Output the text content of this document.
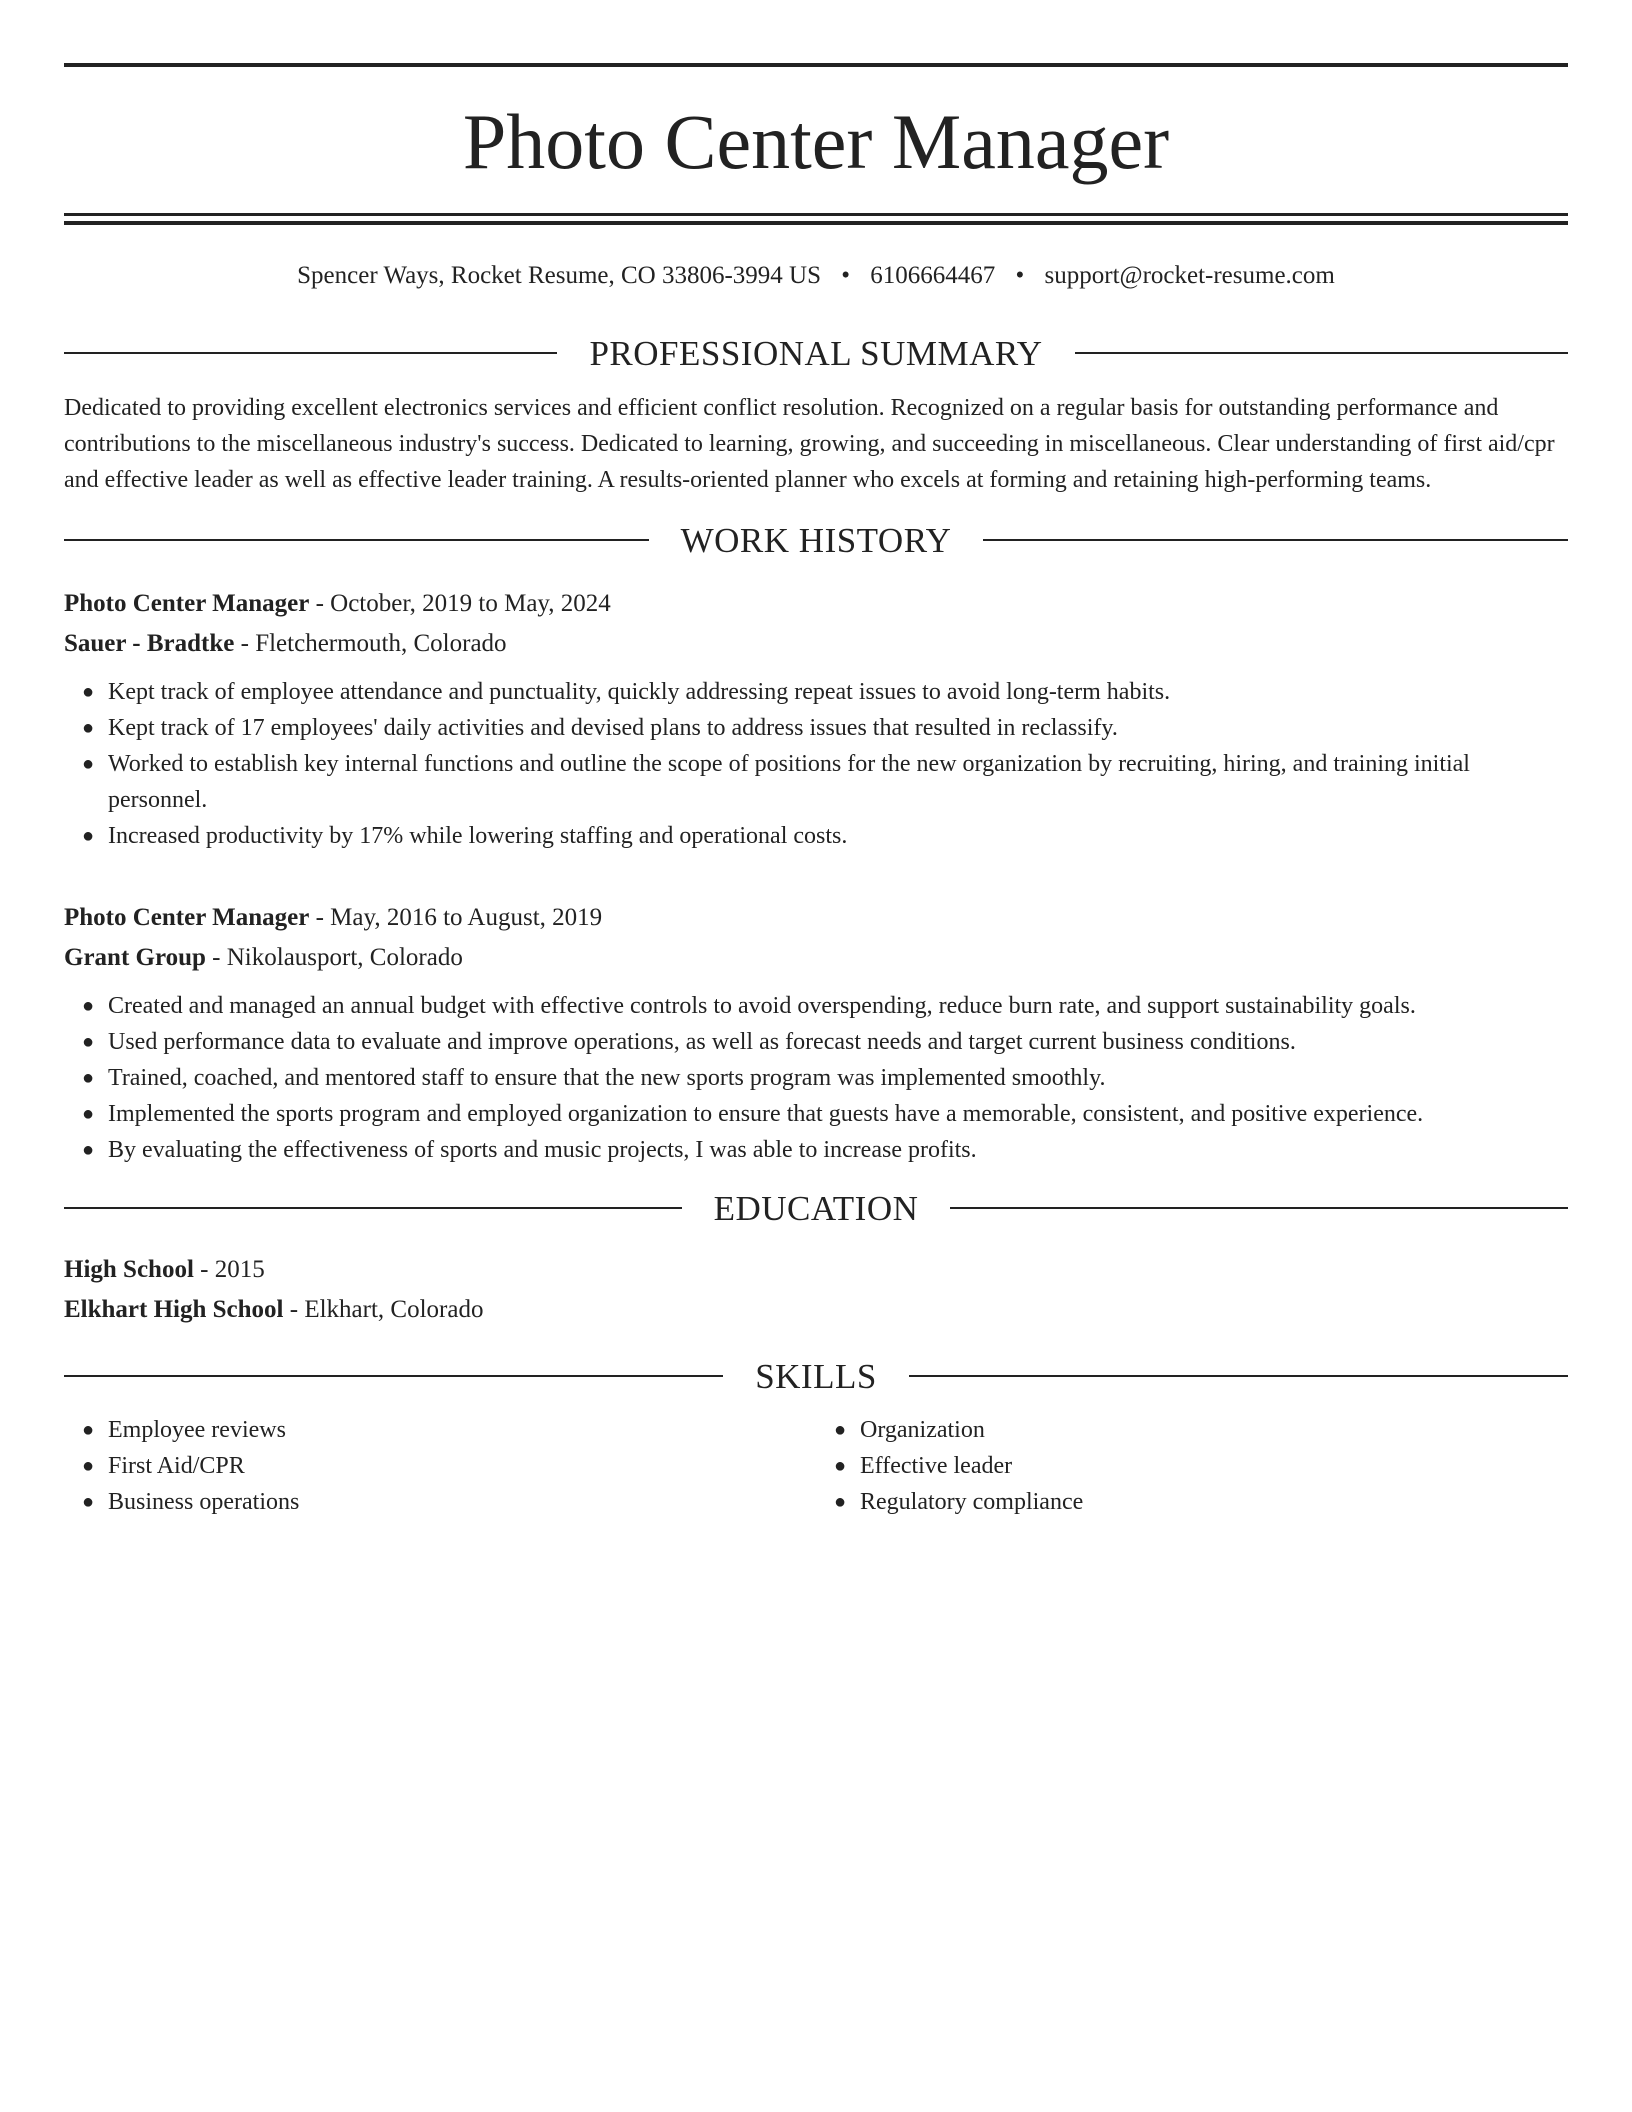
Photo Center Manager
Spencer Ways, Rocket Resume, CO 33806-3994 US • 6106664467 • support@rocket-resume.com
PROFESSIONAL SUMMARY
Dedicated to providing excellent electronics services and efficient conflict resolution. Recognized on a regular basis for outstanding performance and contributions to the miscellaneous industry's success. Dedicated to learning, growing, and succeeding in miscellaneous. Clear understanding of first aid/cpr and effective leader as well as effective leader training. A results-oriented planner who excels at forming and retaining high-performing teams.
WORK HISTORY
Photo Center Manager - October, 2019 to May, 2024
Sauer - Bradtke - Fletchermouth, Colorado
● Kept track of employee attendance and punctuality, quickly addressing repeat issues to avoid long-term habits.
● Kept track of 17 employees' daily activities and devised plans to address issues that resulted in reclassify.
● Worked to establish key internal functions and outline the scope of positions for the new organization by recruiting, hiring, and training initial personnel.
● Increased productivity by 17% while lowering staffing and operational costs.
Photo Center Manager - May, 2016 to August, 2019
Grant Group - Nikolausport, Colorado
● Created and managed an annual budget with effective controls to avoid overspending, reduce burn rate, and support sustainability goals.
● Used performance data to evaluate and improve operations, as well as forecast needs and target current business conditions.
● Trained, coached, and mentored staff to ensure that the new sports program was implemented smoothly.
● Implemented the sports program and employed organization to ensure that guests have a memorable, consistent, and positive experience.
● By evaluating the effectiveness of sports and music projects, I was able to increase profits.
EDUCATION
High School - 2015
Elkhart High School - Elkhart, Colorado
SKILLS
● Employee reviews
● First Aid/CPR
● Business operations
● Organization
● Effective leader
● Regulatory compliance
